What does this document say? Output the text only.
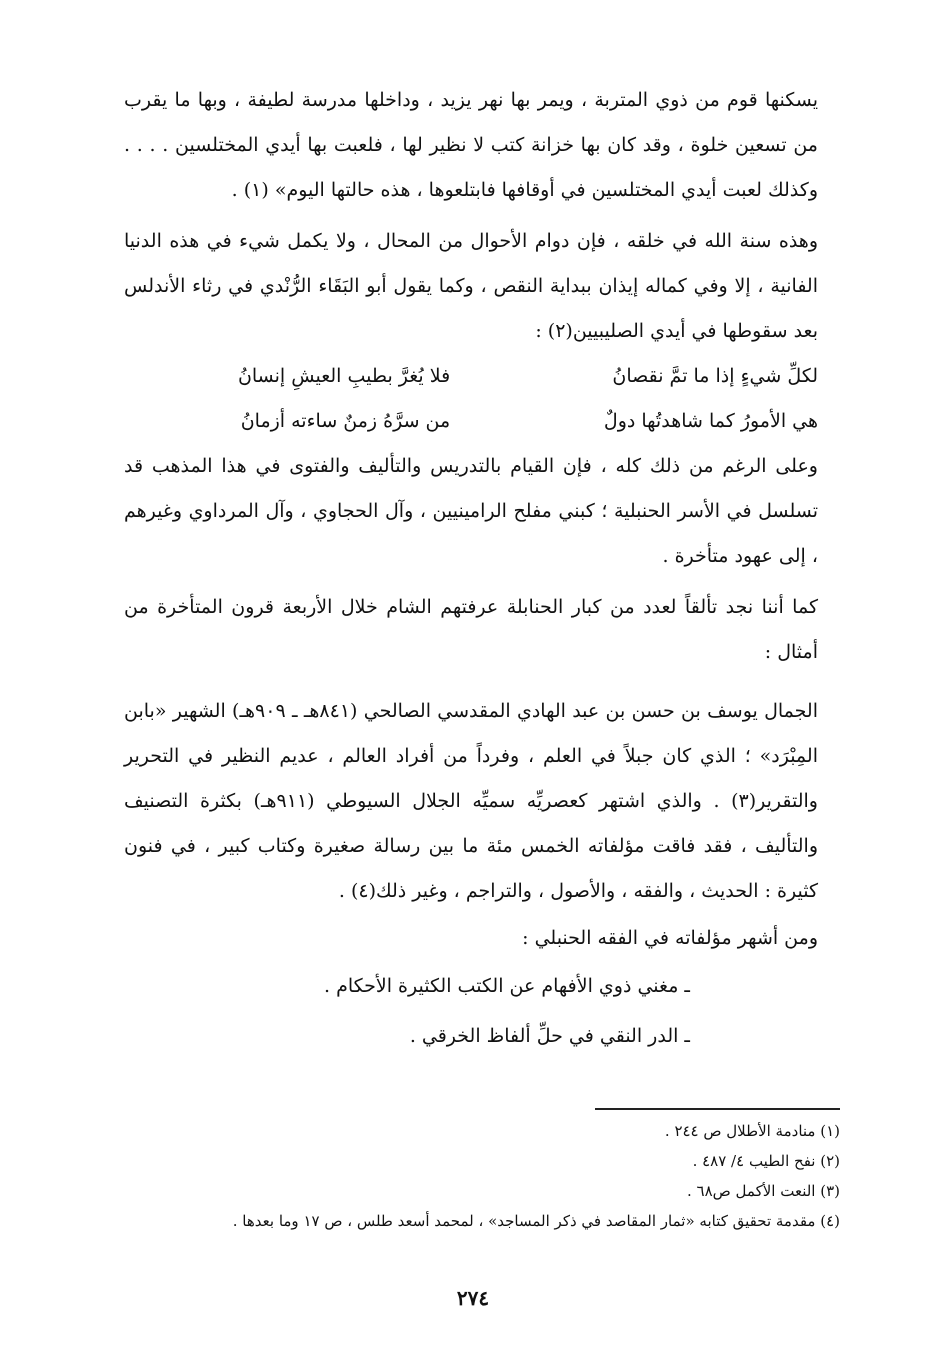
يسكنها قوم من ذوي المتربة ، ويمر بها نهر يزيد ، وداخلها مدرسة لطيفة ، وبها ما يقرب من تسعين خلوة ، وقد كان بها خزانة كتب لا نظير لها ، فلعبت بها أيدي المختلسين . . . . وكذلك لعبت أيدي المختلسين في أوقافها فابتلعوها ، هذه حالتها اليوم» (١) .

وهذه سنة الله في خلقه ، فإن دوام الأحوال من المحال ، ولا يكمل شيء في هذه الدنيا الفانية ، إلا وفي كماله إيذان ببداية النقص ، وكما يقول أبو البَقَاء الرُّنْدي في رثاء الأندلس بعد سقوطها في أيدي الصليبيين(٢) :

لكلِّ شيءٍ إذا ما تمَّ نقصانُ
فلا يُغرَّ بطيبِ العيشِ إنسانُ
هي الأمورُ كما شاهدتُها دولٌ
من سرَّهُ زمنٌ ساءته أزمانُ

وعلى الرغم من ذلك كله ، فإن القيام بالتدريس والتأليف والفتوى في هذا المذهب قد تسلسل في الأسر الحنبلية ؛ كبني مفلح الرامينيين ، وآل الحجاوي ، وآل المرداوي وغيرهم ، إلى عهود متأخرة .

كما أننا نجد تألقاً لعدد من كبار الحنابلة عرفتهم الشام خلال الأربعة قرون المتأخرة من أمثال :

الجمال يوسف بن حسن بن عبد الهادي المقدسي الصالحي (٨٤١هـ ـ ٩٠٩هـ) الشهير «بابن المِبْرَد» ؛ الذي كان جبلاً في العلم ، وفرداً من أفراد العالم ، عديم النظير في التحرير والتقرير(٣) . والذي اشتهر كعصريِّه سميِّه الجلال السيوطي (٩١١هـ) بكثرة التصنيف والتأليف ، فقد فاقت مؤلفاته الخمس مئة ما بين رسالة صغيرة وكتاب كبير ، في فنون كثيرة : الحديث ، والفقه ، والأصول ، والتراجم ، وغير ذلك(٤) .

ومن أشهر مؤلفاته في الفقه الحنبلي :

ـ مغني ذوي الأفهام عن الكتب الكثيرة الأحكام .
ـ الدر النقي في حلِّ ألفاظ الخرقي .
(١) منادمة الأطلال ص ٢٤٤ .
(٢) نفح الطيب ٤/ ٤٨٧ .
(٣) النعت الأكمل ص٦٨ .
(٤) مقدمة تحقيق كتابه «ثمار المقاصد في ذكر المساجد» ، لمحمد أسعد طلس ، ص ١٧ وما بعدها .
٢٧٤
